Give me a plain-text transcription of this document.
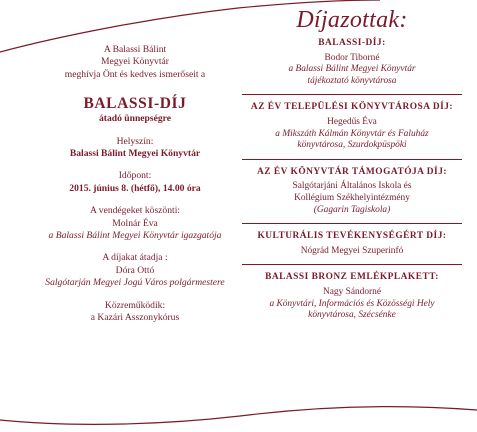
A Balassi Bálint
Megyei Könyvtár
meghívja Önt és kedves ismerőseit a
BALASSI-DÍJ
átadó ünnepségre
Helyszín:
Balassi Bálint Megyei Könyvtár
Időpont:
2015. június 8. (hétfő), 14.00 óra
A vendégeket köszönti:
Molnár Éva
a Balassi Bálint Megyei Könyvtár igazgatója
A díjakat átadja :
Dóra Ottó
Salgótarján Megyei Jogú Város polgármestere
Közreműködik:
a Kazári Asszonykórus
Díjazottak:
BALASSI-DÍJ:
Bodor Tiborné
a Balassi Bálint Megyei Könyvtár
tájékoztató könyvtárosa
AZ ÉV TELEPÜLÉSI KÖNYVTÁROSA DÍJ:
Hegedűs Éva
a Mikszáth Kálmán Könyvtár és Faluház
könyvtárosa, Szurdokpüspöki
AZ ÉV KÖNYVTÁR TÁMOGATÓJA DÍJ:
Salgótarjáni Általános Iskola és
Kollégium Székhelyintézmény
(Gagarin Tagiskola)
KULTURÁLIS TEVÉKENYSÉGÉRT DÍJ:
Nógrád Megyei Szuperinfó
BALASSI BRONZ EMLÉKPLAKETT:
Nagy Sándorné
a Könyvtári, Információs és Közösségi Hely
könyvtárosa, Szécsénke
